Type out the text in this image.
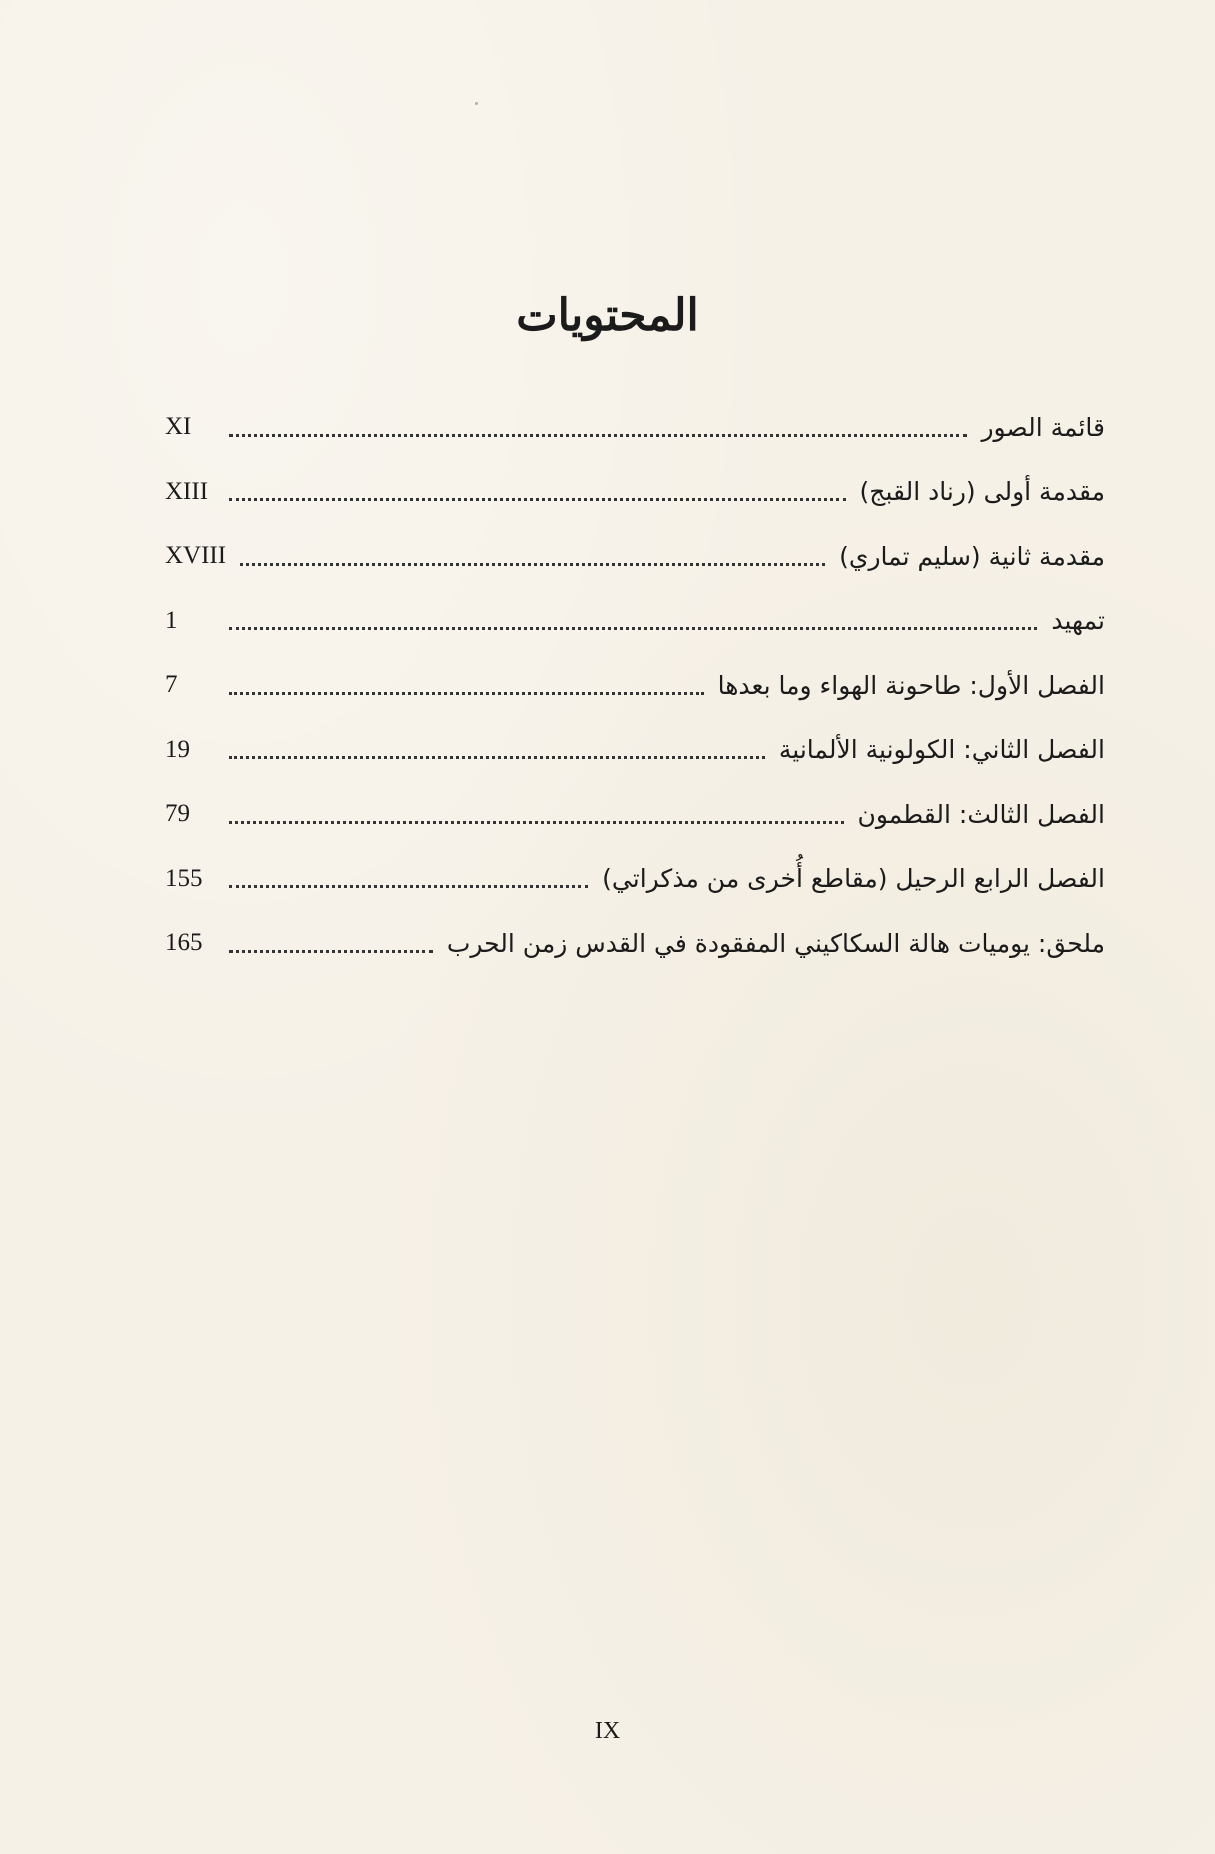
المحتويات
قائمة الصور
XI
مقدمة أولى (رناد القبج)
XIII
مقدمة ثانية (سليم تماري)
XVIII
تمهيد
1
الفصل الأول: طاحونة الهواء وما بعدها
7
الفصل الثاني: الكولونية الألمانية
19
الفصل الثالث: القطمون
79
الفصل الرابع الرحيل (مقاطع أُخرى من مذكراتي)
155
ملحق: يوميات هالة السكاكيني المفقودة في القدس زمن الحرب
165
IX
